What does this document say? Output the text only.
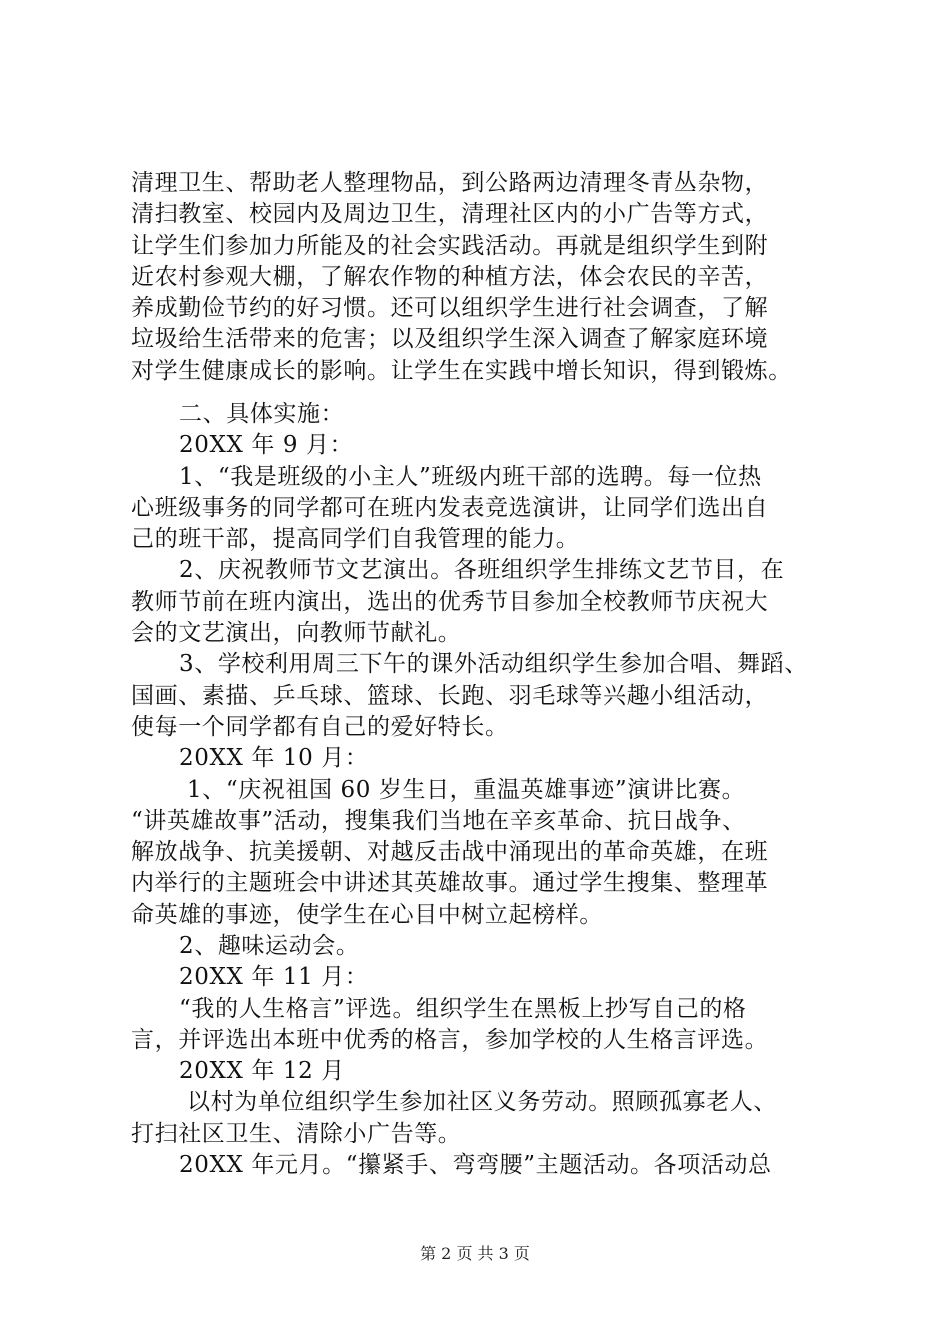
清理卫生、帮助老人整理物品，到公路两边清理冬青丛杂物，
清扫教室、校园内及周边卫生，清理社区内的小广告等方式，
让学生们参加力所能及的社会实践活动。再就是组织学生到附
近农村参观大棚，了解农作物的种植方法，体会农民的辛苦，
养成勤俭节约的好习惯。还可以组织学生进行社会调查，了解
垃圾给生活带来的危害；以及组织学生深入调查了解家庭环境
对学生健康成长的影响。让学生在实践中增长知识，得到锻炼。
二、具体实施：
20XX 年 9 月：
1、“我是班级的小主人”班级内班干部的选聘。每一位热
心班级事务的同学都可在班内发表竞选演讲，让同学们选出自
己的班干部，提高同学们自我管理的能力。
2、庆祝教师节文艺演出。各班组织学生排练文艺节目，在
教师节前在班内演出，选出的优秀节目参加全校教师节庆祝大
会的文艺演出，向教师节献礼。
3、学校利用周三下午的课外活动组织学生参加合唱、舞蹈、
国画、素描、乒乓球、篮球、长跑、羽毛球等兴趣小组活动，
使每一个同学都有自己的爱好特长。
20XX 年 10 月：
1、“庆祝祖国 60 岁生日，重温英雄事迹”演讲比赛。
“讲英雄故事”活动，搜集我们当地在辛亥革命、抗日战争、
解放战争、抗美援朝、对越反击战中涌现出的革命英雄，在班
内举行的主题班会中讲述其英雄故事。通过学生搜集、整理革
命英雄的事迹，使学生在心目中树立起榜样。
2、趣味运动会。
20XX 年 11 月：
“我的人生格言”评选。组织学生在黑板上抄写自己的格
言，并评选出本班中优秀的格言，参加学校的人生格言评选。
20XX 年 12 月
以村为单位组织学生参加社区义务劳动。照顾孤寡老人、
打扫社区卫生、清除小广告等。
20XX 年元月。“攥紧手、弯弯腰”主题活动。各项活动总
第 2 页 共 3 页
